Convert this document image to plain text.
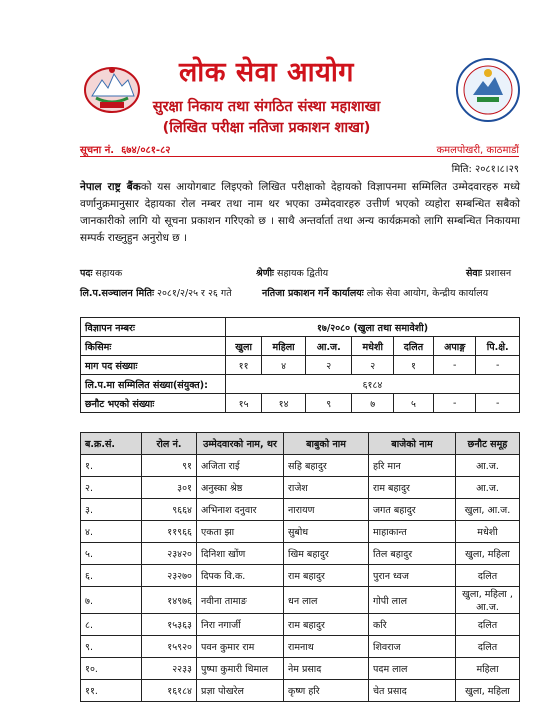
लोक सेवा आयोग
सुरक्षा निकाय तथा संगठित संस्था महाशाखा
(लिखित परीक्षा नतिजा प्रकाशन शाखा)
सूचना नं. ६७४/०८१-८२	कमलपोखरी, काठमाडौं
मिति: २०८१।८।२९
नेपाल राष्ट्र बैंकको यस आयोगबाट लिइएको लिखित परीक्षाको देहायको विज्ञापनमा सम्मिलित उम्मेदवारहरु मध्ये वर्णानुक्रमानुसार देहायका रोल नम्बर तथा नाम थर भएका उम्मेदवारहरु उत्तीर्ण भएको व्यहोरा सम्बन्धित सबैको जानकारीको लागि यो सूचना प्रकाशन गरिएको छ । साथै अन्तर्वार्ता तथा अन्य कार्यक्रमको लागि सम्बन्धित निकायमा सम्पर्क राख्नुहुन अनुरोध छ ।
पदः सहायक	श्रेणीः सहायक द्वितीय	सेवाः प्रशासन
लि.प.सञ्चालन मितिः २०८१/२/२५ र २६ गते	नतिजा प्रकाशन गर्ने कार्यालयः लोक सेवा आयोग, केन्द्रीय कार्यालय
विज्ञापन नम्बरः	१७/२०८० (खुला तथा समावेशी)						
किसिमः	खुला	महिला	आ.ज.	मधेशी	दलित	अपाङ्ग	पि.क्षे.
माग पद संख्याः	११	४	२	२	१	-	-
लि.प.मा सम्मिलित संख्या(संयुक्त):	६१८४						
छनौट भएको संख्याः	१५	१४	९	७	५	-	-
ब.क्र.सं.	रोल नं.	उम्मेदवारको नाम, थर	बाबुको नाम	बाजेको नाम	छनौट समूह
१.	९१	अजिता राई	सहि बहादुर	हरि मान	आ.ज.
२.	३०१	अनुस्का श्रेष्ठ	राजेश	राम बहादुर	आ.ज.
३.	९६६४	अभिनाश दनुवार	नारायण	जगत बहादुर	खुला, आ.ज.
४.	११९६६	एकता झा	सुबोध	माहाकान्त	मधेशी
५.	२३४२०	दिनिशा खोंण	खिम बहादुर	तिल बहादुर	खुला, महिला
६.	२३२७०	दिपक वि.क.	राम बहादुर	पुरान ध्वज	दलित
७.	१४९७६	नवीना तामाङ	धन लाल	गोपी लाल	खुला, महिला , आ.ज.
८.	१५३६३	निरा नगार्जी	राम बहादुर	करि	दलित
९.	१५९२०	पवन कुमार राम	रामनाथ	शिवराज	दलित
१०.	२२३३	पुष्पा कुमारी धिमाल	नेम प्रसाद	पदम लाल	महिला
११.	१६१८४	प्रज्ञा पोखरेल	कृष्ण हरि	चेत प्रसाद	खुला, महिला
